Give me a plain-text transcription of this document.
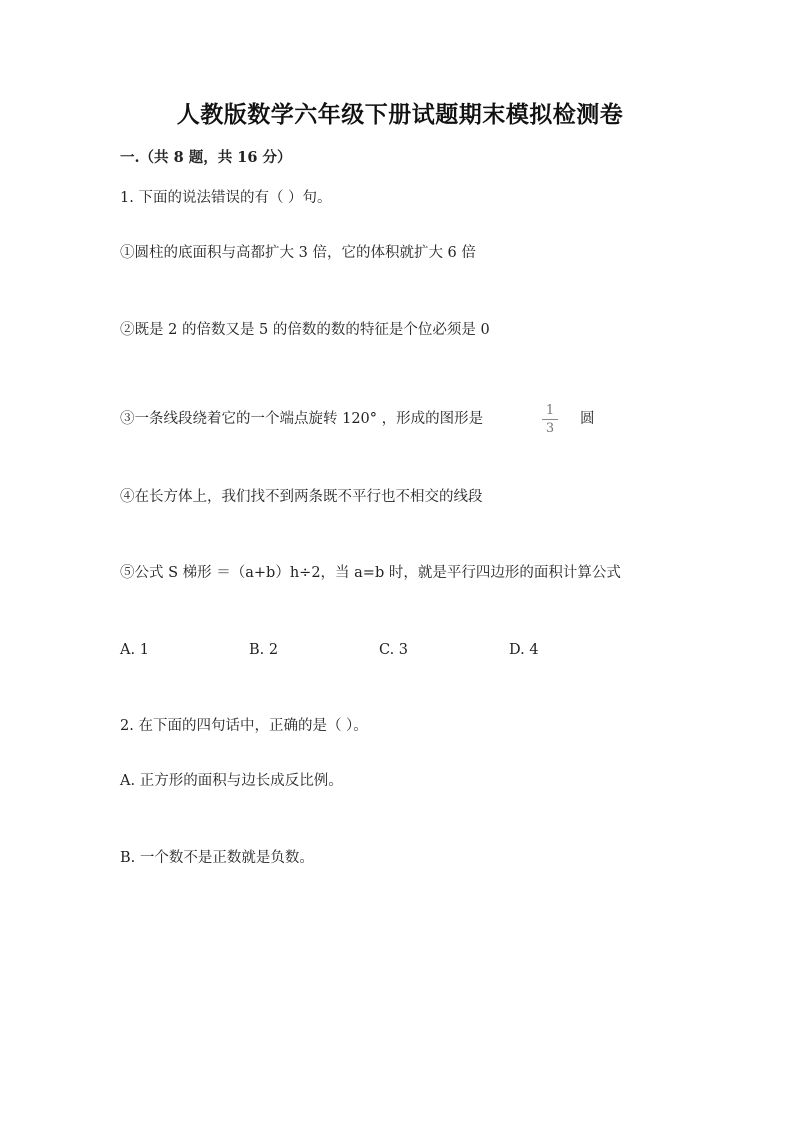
人教版数学六年级下册试题期末模拟检测卷
一.（共 8 题，共 16 分）
1. 下面的说法错误的有（ ）句。
①圆柱的底面积与高都扩大 3 倍，它的体积就扩大 6 倍
②既是 2 的倍数又是 5 的倍数的数的特征是个位必须是 0
③一条线段绕着它的一个端点旋转 120° ，形成的图形是
1
3
圆
④在长方体上，我们找不到两条既不平行也不相交的线段
⑤公式 S 梯形 ＝（a+b）h÷2，当 a=b 时，就是平行四边形的面积计算公式
A. 1	B. 2	C. 3	D. 4
2. 在下面的四句话中，正确的是（ ）。
A. 正方形的面积与边长成反比例。
B. 一个数不是正数就是负数。
